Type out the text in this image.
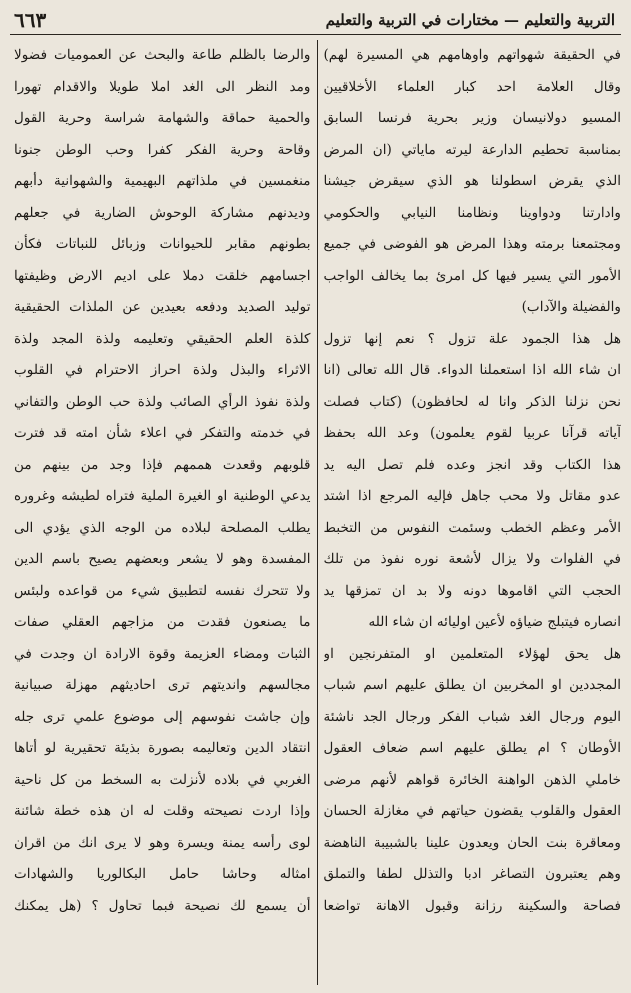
التربية والتعليم — مختارات في التربية والتعليم
٦٦٣
في الحقيقة شهواتهم واوهامهم هي المسيرة لهم)
وقال العلامة احد كبار العلماء الأخلاقيين
المسيو دولانيسان وزير بحرية فرنسا السابق
بمناسبة تحطيم الدارعة ليرته ماياتي (ان المرض
الذي يقرض اسطولنا هو الذي سيقرض جيشنا
وادارتنا ودواوينا ونظامنا النيابي والحكومي
ومجتمعنا برمته وهذا المرض هو الفوضى في جميع
الأمور التي يسير فيها كل امرئ بما يخالف الواجب
والفضيلة والآداب)
هل هذا الجمود علة تزول ؟ نعم إنها تزول
ان شاء الله اذا استعملنا الدواء. قال الله تعالى (انا
نحن نزلنا الذكر وانا له لحافظون) (كتاب فصلت
آياته قرآنا عربيا لقوم يعلمون) وعد الله بحفظ
هذا الكتاب وقد انجز وعده فلم تصل اليه يد
عدو مقاتل ولا محب جاهل فإليه المرجع اذا اشتد
الأمر وعظم الخطب وسئمت النفوس من التخبط
في الفلوات ولا يزال لأشعة نوره نفوذ من تلك
الحجب التي اقاموها دونه ولا بد ان تمزقها يد
انصاره فيتبلج ضياؤه لأعين اوليائه ان شاء الله
هل يحق لهؤلاء المتعلمين او المتفرنجين او
المجددين او المخربين ان يطلق عليهم اسم شباب
اليوم ورجال الغد شباب الفكر ورجال الجد ناشئة
الأوطان ؟ ام يطلق عليهم اسم ضعاف العقول
خاملي الذهن الواهنة الخائرة قواهم لأنهم مرضى
العقول والقلوب يقضون حياتهم في مغازلة الحسان
ومعاقرة بنت الحان ويعدون علينا بالشبيبة الناهضة
وهم يعتبرون التصاغر ادبا والتذلل لطفا والتملق
فصاحة والسكينة رزانة وقبول الاهانة تواضعا
والرضا بالظلم طاعة والبحث عن العموميات فضولا
ومد النظر الى الغد املا طويلا والاقدام تهورا
والحمية حماقة والشهامة شراسة وحرية القول
وقاحة وحرية الفكر كفرا وحب الوطن جنونا
منغمسين في ملذاتهم البهيمية والشهوانية دأبهم
وديدنهم مشاركة الوحوش الضارية في جعلهم
بطونهم مقابر للحيوانات وزبائل للنباتات فكأن
اجسامهم خلقت دملا على اديم الارض وظيفتها
توليد الصديد ودفعه بعيدين عن الملذات الحقيقية
كلذة العلم الحقيقي وتعليمه ولذة المجد ولذة
الاثراء والبذل ولذة احراز الاحترام في القلوب
ولذة نفوذ الرأي الصائب ولذة حب الوطن والتفاني
في خدمته والتفكر في اعلاء شأن امته قد فترت
قلوبهم وقعدت هممهم فإذا وجد من بينهم من
يدعي الوطنية او الغيرة الملية فتراه لطيشه وغروره
يطلب المصلحة لبلاده من الوجه الذي يؤدي الى
المفسدة وهو لا يشعر وبعضهم يصيح باسم الدين
ولا تتحرك نفسه لتطبيق شيء من قواعده ولبئس
ما يصنعون فقدت من مزاجهم العقلي صفات
الثبات ومضاء العزيمة وقوة الارادة ان وجدت في
مجالسهم وانديتهم ترى احاديثهم مهزلة صبيانية
وإن جاشت نفوسهم إلى موضوع علمي ترى جله
انتقاد الدين وتعاليمه بصورة بذيئة تحقيرية لو أتاها
الغربي في بلاده لأنزلت به السخط من كل ناحية
وإذا اردت نصيحته وقلت له ان هذه خطة شائنة
لوى رأسه يمنة ويسرة وهو لا يرى انك من اقران
امثاله وحاشا حامل البكالوريا والشهادات
أن يسمع لك نصيحة فبما تحاول ؟ (هل يمكنك
